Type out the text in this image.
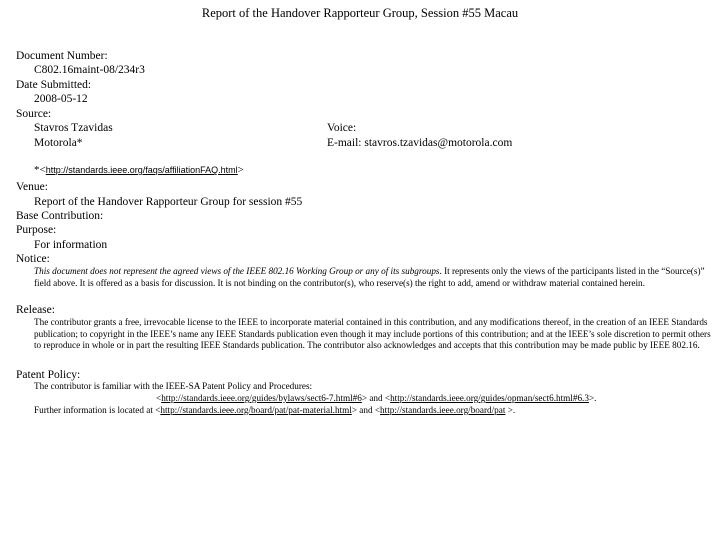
Report of the Handover Rapporteur Group, Session #55 Macau
Document Number:
C802.16maint-08/234r3
Date Submitted:
2008-05-12
Source:
Stavros Tzavidas
Motorola*
Voice:
E-mail: stavros.tzavidas@motorola.com
*<http://standards.ieee.org/faqs/affiliationFAQ.html>
Venue:
Report of the Handover Rapporteur Group for session #55
Base Contribution:
Purpose:
For information
Notice:
This document does not represent the agreed views of the IEEE 802.16 Working Group or any of its subgroups. It represents only the views of the participants listed in the “Source(s)” field above. It is offered as a basis for discussion. It is not binding on the contributor(s), who reserve(s) the right to add, amend or withdraw material contained herein.
Release:
The contributor grants a free, irrevocable license to the IEEE to incorporate material contained in this contribution, and any modifications thereof, in the creation of an IEEE Standards publication; to copyright in the IEEE’s name any IEEE Standards publication even though it may include portions of this contribution; and at the IEEE’s sole discretion to permit others to reproduce in whole or in part the resulting IEEE Standards publication. The contributor also acknowledges and accepts that this contribution may be made public by IEEE 802.16.
Patent Policy:
The contributor is familiar with the IEEE-SA Patent Policy and Procedures:
<http://standards.ieee.org/guides/bylaws/sect6-7.html#6> and <http://standards.ieee.org/guides/opman/sect6.html#6.3>.
Further information is located at <http://standards.ieee.org/board/pat/pat-material.html> and <http://standards.ieee.org/board/pat >.
